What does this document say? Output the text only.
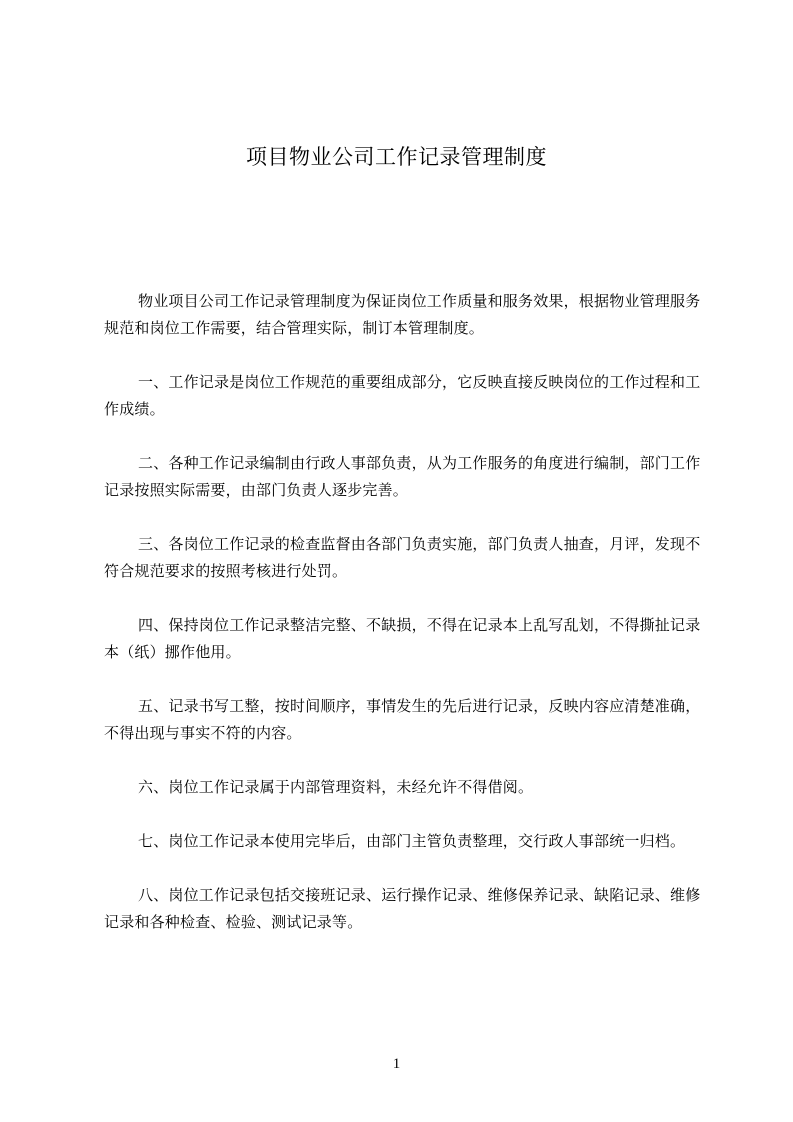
项目物业公司工作记录管理制度

物业项目公司工作记录管理制度为保证岗位工作质量和服务效果，根据物业管理服务规范和岗位工作需要，结合管理实际，制订本管理制度。

一、工作记录是岗位工作规范的重要组成部分，它反映直接反映岗位的工作过程和工作成绩。

二、各种工作记录编制由行政人事部负责，从为工作服务的角度进行编制，部门工作记录按照实际需要，由部门负责人逐步完善。

三、各岗位工作记录的检查监督由各部门负责实施，部门负责人抽查，月评，发现不符合规范要求的按照考核进行处罚。

四、保持岗位工作记录整洁完整、不缺损，不得在记录本上乱写乱划，不得撕扯记录本（纸）挪作他用。

五、记录书写工整，按时间顺序，事情发生的先后进行记录，反映内容应清楚准确，不得出现与事实不符的内容。

六、岗位工作记录属于内部管理资料，未经允许不得借阅。

七、岗位工作记录本使用完毕后，由部门主管负责整理，交行政人事部统一归档。

八、岗位工作记录包括交接班记录、运行操作记录、维修保养记录、缺陷记录、维修记录和各种检查、检验、测试记录等。

1
